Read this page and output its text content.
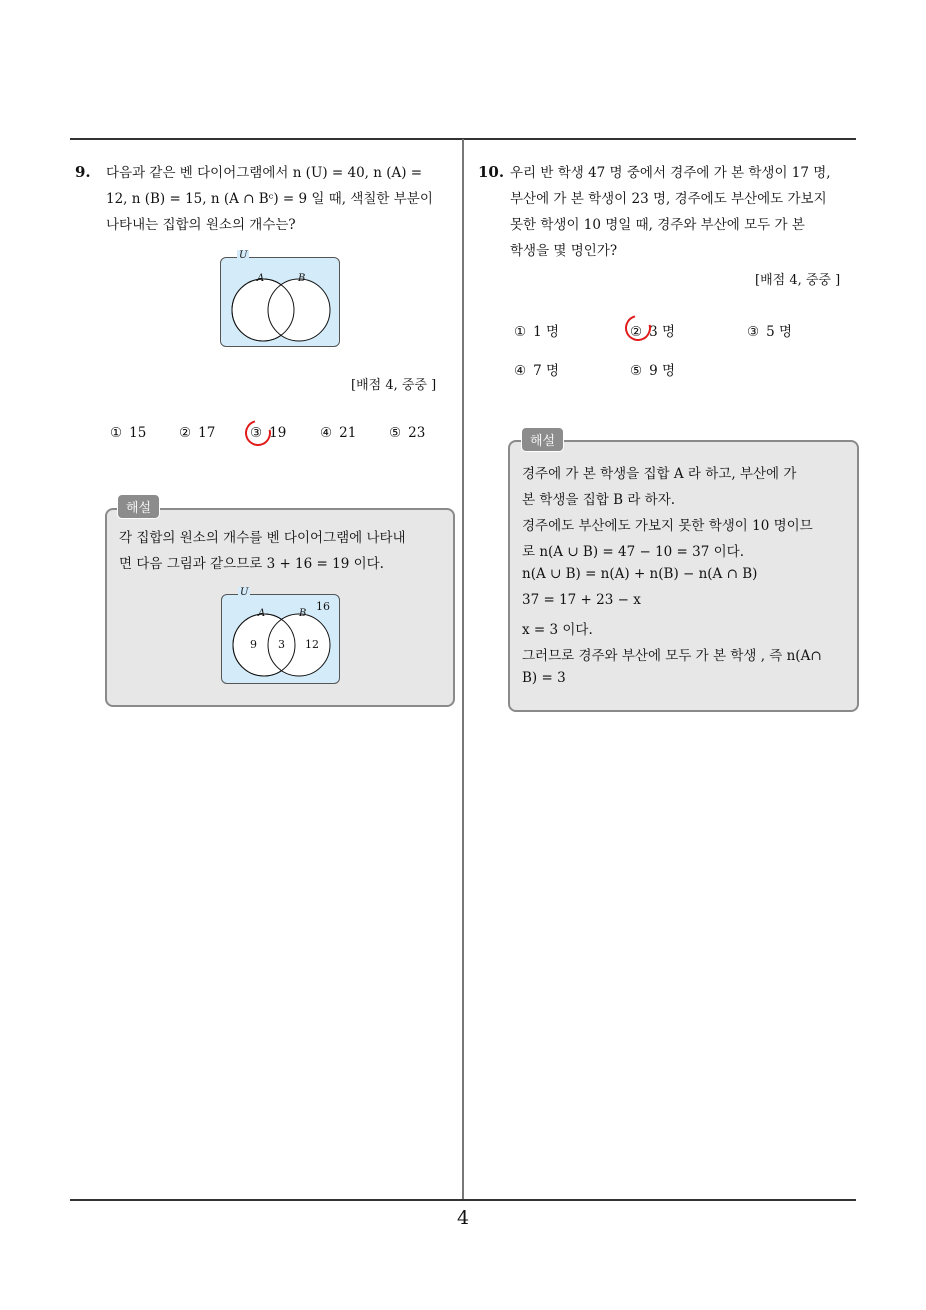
9. 다음과 같은 벤 다이어그램에서 n (U) = 40, n (A) =
12, n (B) = 15, n (A ∩ Bᶜ) = 9 일 때, 색칠한 부분이
나타내는 집합의 원소의 개수는?
U
A	B
[배점 4, 중중 ]
① 15 ② 17	③ 19 ④ 21 ⑤ 23
각 집합의 원소의 개수를 벤 다이어그램에 나타내
면 다음 그림과 같으므로 3 + 16 = 19 이다.
U
A	B
16
9 3 12
해설
10. 우리 반 학생 47 명 중에서 경주에 가 본 학생이 17 명,
부산에 가 본 학생이 23 명, 경주에도 부산에도 가보지
못한 학생이 10 명일 때, 경주와 부산에 모두 가 본
학생을 몇 명인가?
[배점 4, 중중 ]
① 1 명	② 3 명	③ 5 명
④ 7 명	⑤ 9 명
경주에 가 본 학생을 집합 A 라 하고, 부산에 가
본 학생을 집합 B 라 하자.
경주에도 부산에도 가보지 못한 학생이 10 명이므
로 n(A ∪ B) = 47 − 10 = 37 이다.
n(A ∪ B) = n(A) + n(B) − n(A ∩ B)
37 = 17 + 23 − x
x = 3 이다.
그러므로 경주와 부산에 모두 가 본 학생 , 즉 n(A∩
B) = 3
해설
4
